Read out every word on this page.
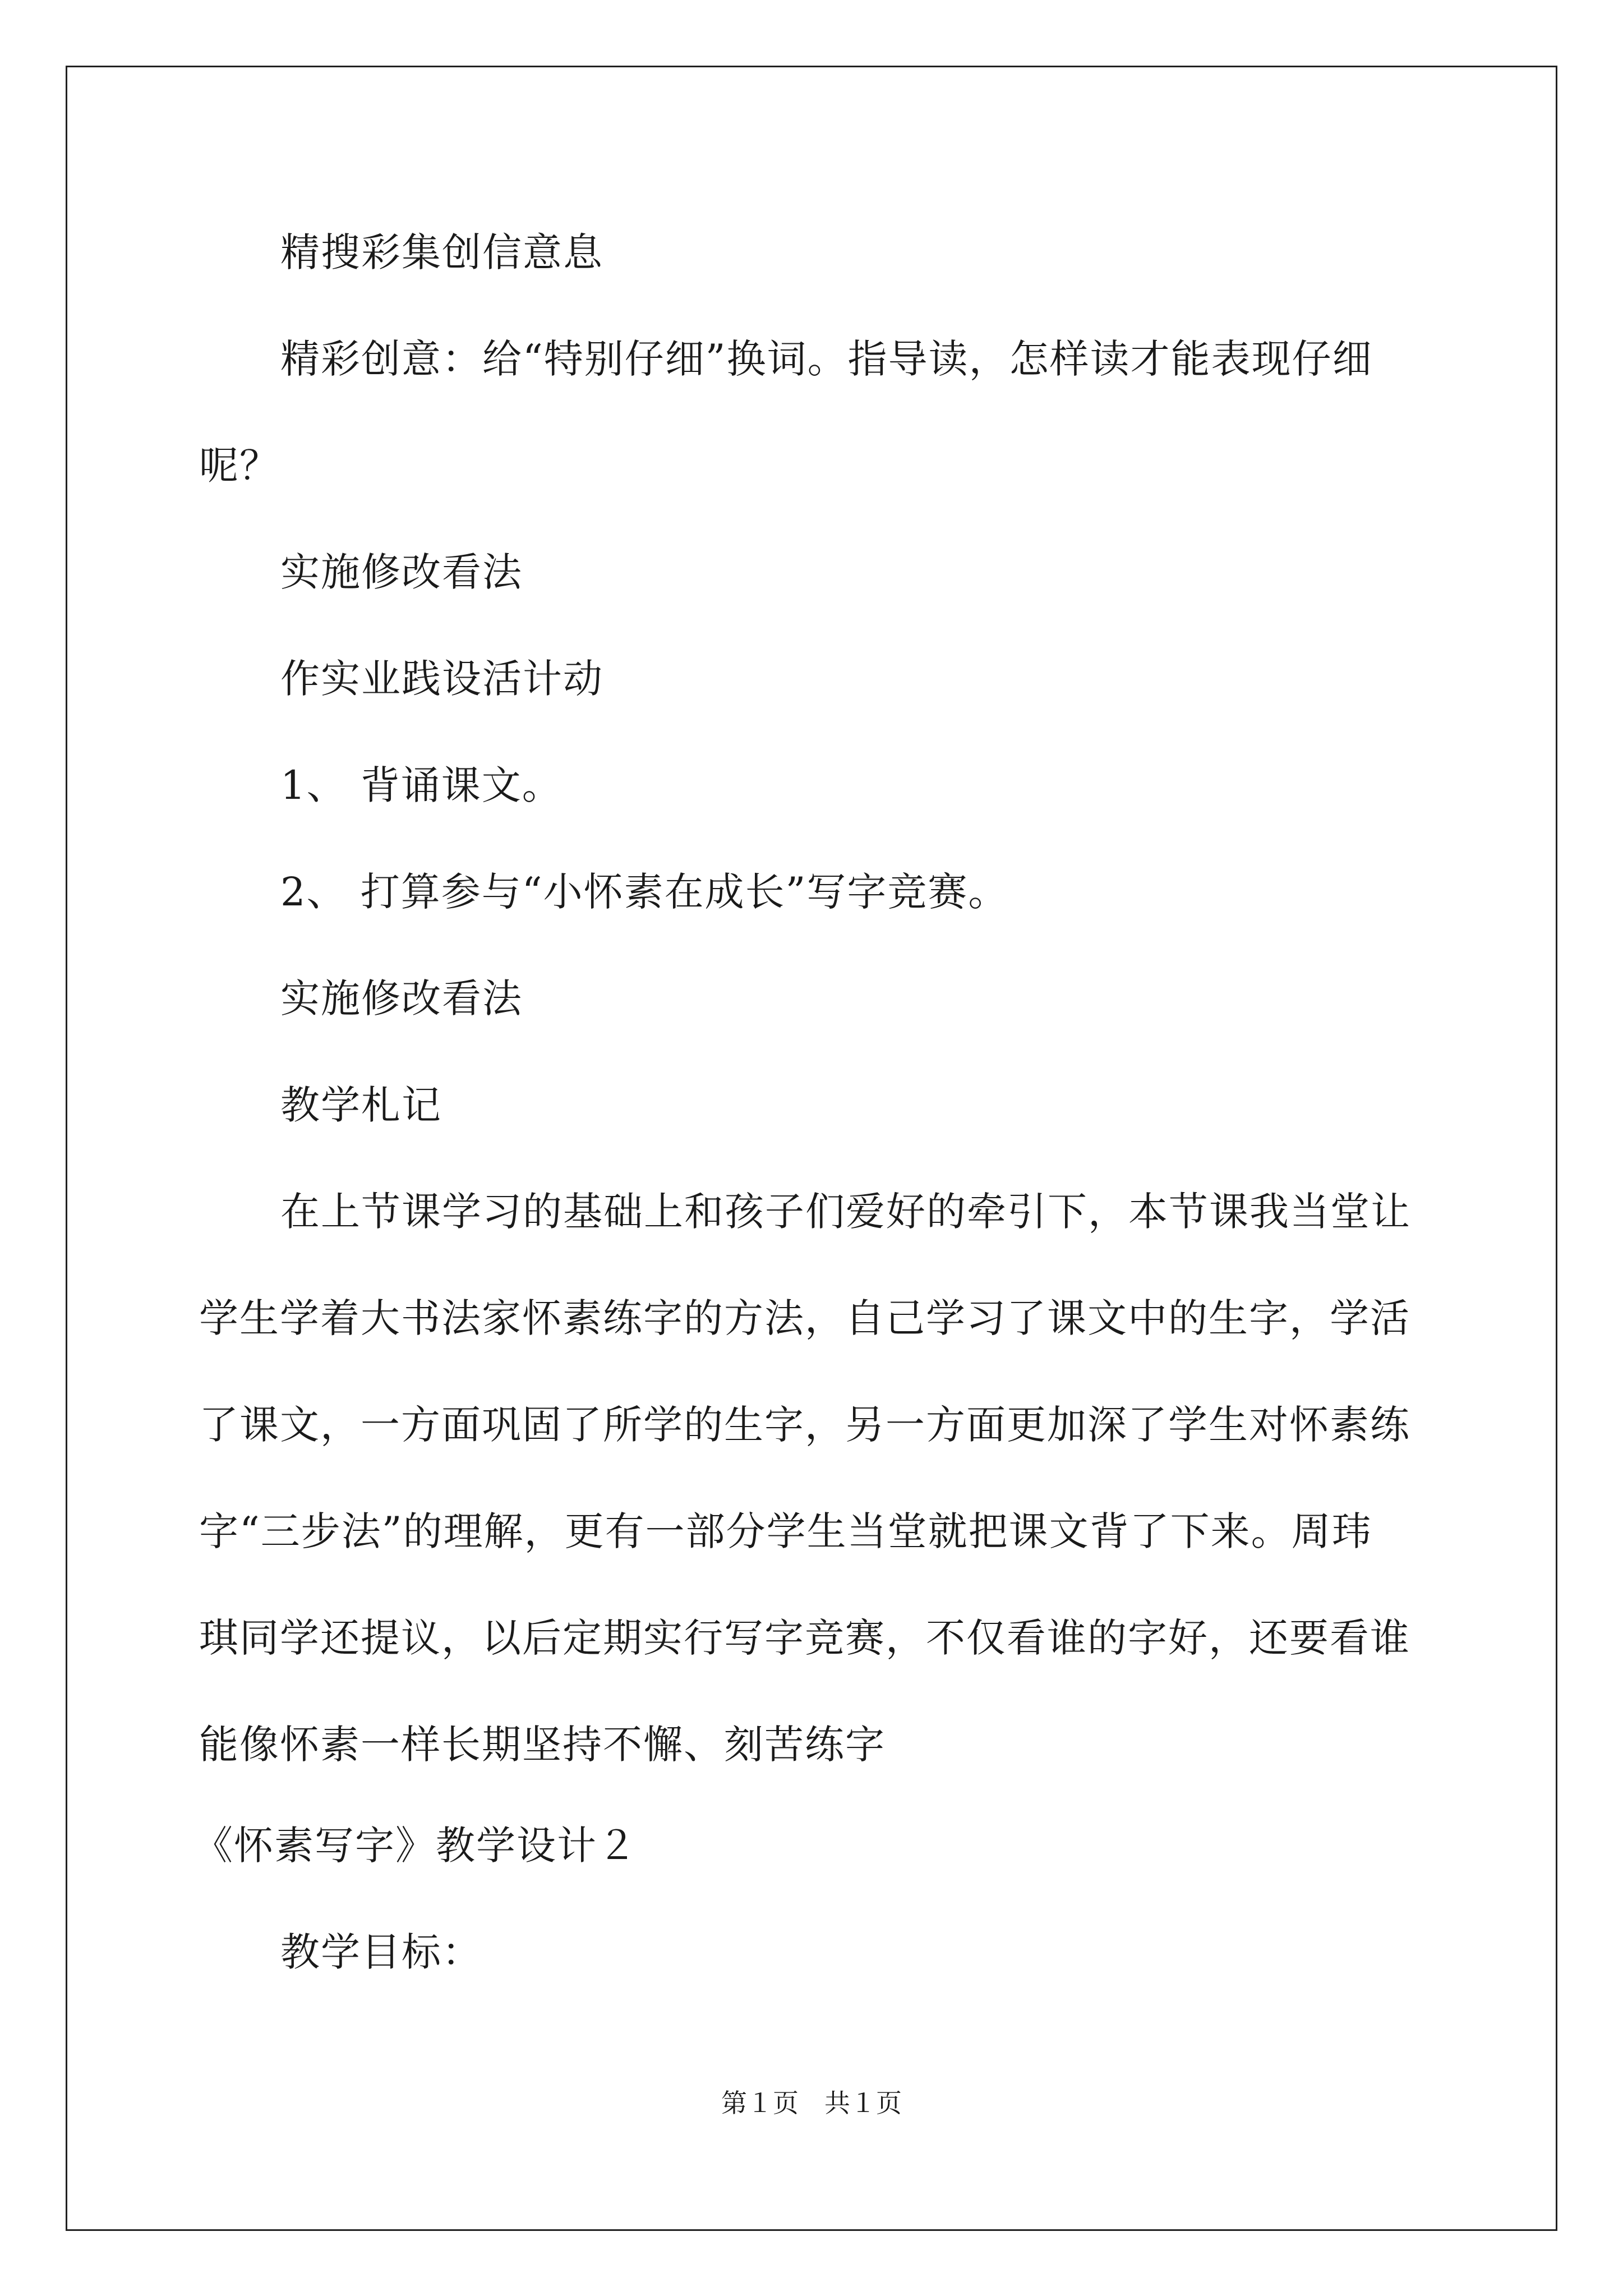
精搜彩集创信意息
精彩创意：给“特别仔细”换词。指导读，怎样读才能表现仔细
呢？
实施修改看法
作实业践设活计动
1、 背诵课文。
2、 打算参与“小怀素在成长”写字竞赛。
实施修改看法
教学札记
在上节课学习的基础上和孩子们爱好的牵引下，本节课我当堂让
学生学着大书法家怀素练字的方法，自己学习了课文中的生字，学活
了课文，一方面巩固了所学的生字，另一方面更加深了学生对怀素练
字“三步法”的理解，更有一部分学生当堂就把课文背了下来。周玮
琪同学还提议，以后定期实行写字竞赛，不仅看谁的字好，还要看谁
能像怀素一样长期坚持不懈、刻苦练字
《怀素写字》教学设计２
教学目标：
第１页　共１页
